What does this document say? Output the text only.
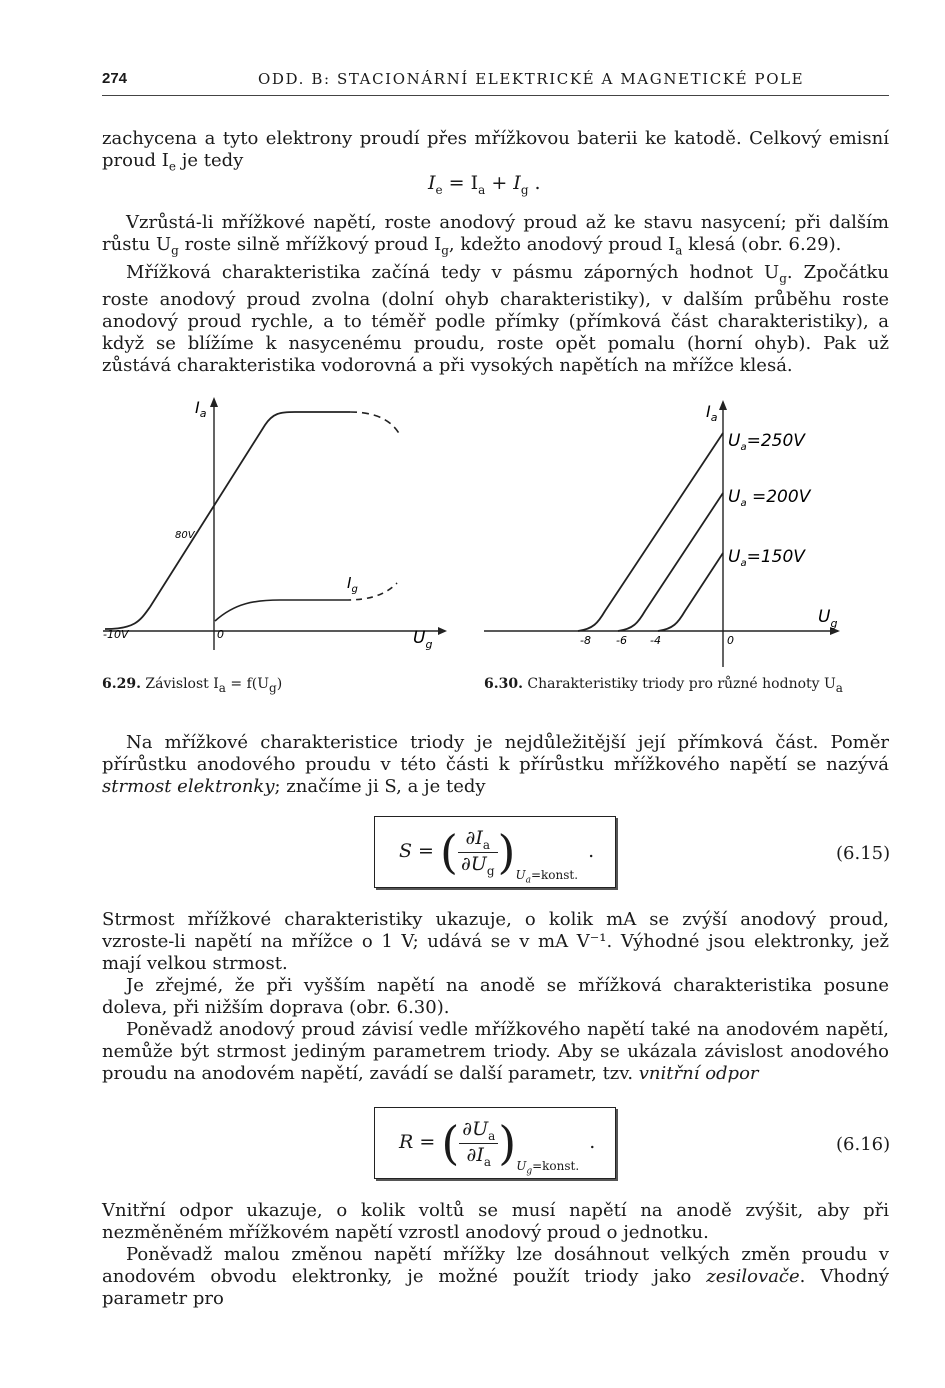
274	ODD. B: STACIONÁRNÍ ELEKTRICKÉ A MAGNETICKÉ POLE

zachycena a tyto elektrony proudí přes mřížkovou baterii ke katodě. Celkový emisní proud $I_e$ je tedy

$I_e = I_a + I_g$ .

Vzrůstá-li mřížkové napětí, roste anodový proud až ke stavu nasycení; při dalším růstu $U_g$ roste silně mřížkový proud $I_g$, kdežto anodový proud $I_a$ klesá (obr. 6.29).

Mřížková charakteristika začíná tedy v pásmu záporných hodnot $U_g$. Zpočátku roste anodový proud zvolna (dolní ohyb charakteristiky), v dalším průběhu roste anodový proud rychle, a to téměř podle přímky (přímková část charakteristiky), a když se blížíme k nasycenému proudu, roste opět pomalu (horní ohyb). Pak už zůstává charakteristika vodorovná a při vysokých napětích na mřížce klesá.

$I_a$
80V
-10V	0	$U_g$
$I_g$
6.29. Závislost $I_a = f(U_g)$
$I_a$
$U_a=250V$
$U_a =200V$
$U_a=150V$
-8 -6 -4	0
$U_g$
6.30. Charakteristiky triody pro různé hodnoty $U_a$

Na mřížkové charakteristice triody je nejdůležitější její přímková část. Poměr přírůstku anodového proudu v této části k přírůstku mřížkového napětí se nazývá strmost elektronky; značíme ji S, a je tedy

S = ( $\frac{\partial I_a}{\partial U_g} )_{U_a=konst.}$ .	(6.15)

Strmost mřížkové charakteristiky ukazuje, o kolik mA se zvýší anodový proud, vzroste-li napětí na mřížce o 1 V; udává se v mA V⁻¹. Výhodné jsou elektronky, jež mají velkou strmost.

Je zřejmé, že při vyšším napětí na anodě se mřížková charakteristika posune doleva, při nižším doprava (obr. 6.30).

Poněvadž anodový proud závisí vedle mřížkového napětí také na anodovém napětí, nemůže být strmost jediným parametrem triody. Aby se ukázala závislost anodového proudu na anodovém napětí, zavádí se další parametr, tzv. vnitřní odpor

R = ( $\frac{\partial U_a}{\partial I_a} )_{U_g=konst.}$ .	(6.16)

Vnitřní odpor ukazuje, o kolik voltů se musí napětí na anodě zvýšit, aby při nezměněném mřížkovém napětí vzrostl anodový proud o jednotku.

Poněvadž malou změnou napětí mřížky lze dosáhnout velkých změn proudu v anodovém obvodu elektronky, je možné použít triody jako zesilovače. Vhodný parametr pro
